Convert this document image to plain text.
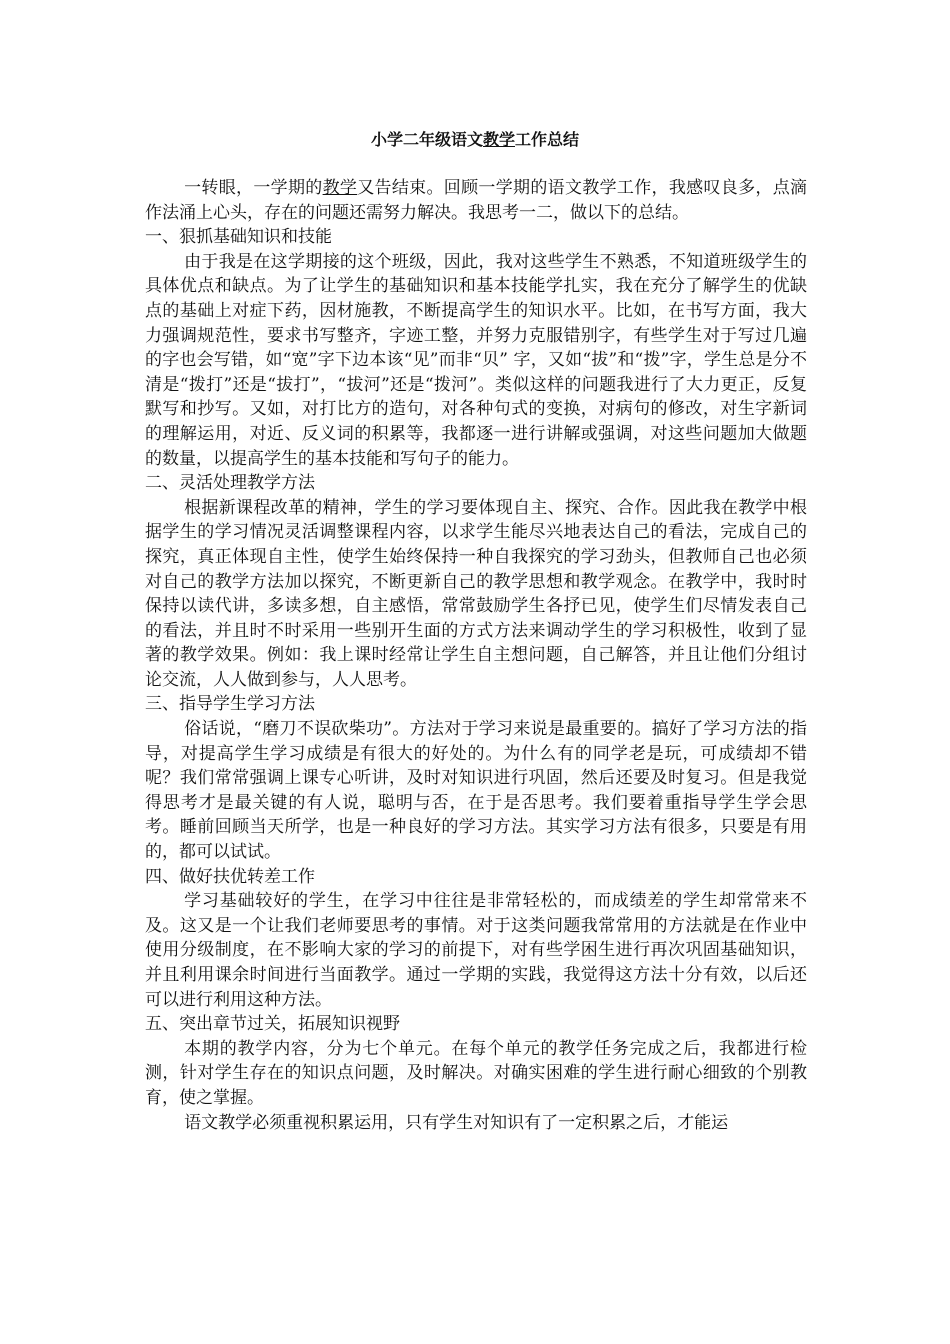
小学二年级语文教学工作总结

一转眼，一学期的教学又告结束。回顾一学期的语文教学工作，我感叹良多，点滴作法涌上心头，存在的问题还需努力解决。我思考一二，做以下的总结。

一、狠抓基础知识和技能

由于我是在这学期接的这个班级，因此，我对这些学生不熟悉，不知道班级学生的具体优点和缺点。为了让学生的基础知识和基本技能学扎实，我在充分了解学生的优缺点的基础上对症下药，因材施教，不断提高学生的知识水平。比如，在书写方面，我大力强调规范性，要求书写整齐，字迹工整，并努力克服错别字，有些学生对于写过几遍的字也会写错，如“宽”字下边本该“见”而非“贝” 字，又如“拔”和“拨”字，学生总是分不清是“拨打”还是“拔打”，“拔河”还是“拨河”。类似这样的问题我进行了大力更正，反复默写和抄写。又如，对打比方的造句，对各种句式的变换，对病句的修改，对生字新词的理解运用，对近、反义词的积累等，我都逐一进行讲解或强调，对这些问题加大做题的数量，以提高学生的基本技能和写句子的能力。

二、灵活处理教学方法

根据新课程改革的精神，学生的学习要体现自主、探究、合作。因此我在教学中根据学生的学习情况灵活调整课程内容，以求学生能尽兴地表达自己的看法，完成自己的探究，真正体现自主性，使学生始终保持一种自我探究的学习劲头，但教师自己也必须对自己的教学方法加以探究，不断更新自己的教学思想和教学观念。在教学中，我时时保持以读代讲，多读多想，自主感悟，常常鼓励学生各抒已见，使学生们尽情发表自己的看法，并且时不时采用一些别开生面的方式方法来调动学生的学习积极性，收到了显著的教学效果。例如：我上课时经常让学生自主想问题，自己解答，并且让他们分组讨论交流，人人做到参与，人人思考。

三、指导学生学习方法

俗话说，“磨刀不误砍柴功”。方法对于学习来说是最重要的。搞好了学习方法的指导，对提高学生学习成绩是有很大的好处的。为什么有的同学老是玩，可成绩却不错呢？我们常常强调上课专心听讲，及时对知识进行巩固，然后还要及时复习。但是我觉得思考才是最关键的有人说，聪明与否，在于是否思考。我们要着重指导学生学会思考。睡前回顾当天所学，也是一种良好的学习方法。其实学习方法有很多，只要是有用的，都可以试试。

四、做好扶优转差工作

学习基础较好的学生，在学习中往往是非常轻松的，而成绩差的学生却常常来不及。这又是一个让我们老师要思考的事情。对于这类问题我常常用的方法就是在作业中使用分级制度，在不影响大家的学习的前提下，对有些学困生进行再次巩固基础知识，并且利用课余时间进行当面教学。通过一学期的实践，我觉得这方法十分有效，以后还可以进行利用这种方法。

五、突出章节过关，拓展知识视野

本期的教学内容，分为七个单元。在每个单元的教学任务完成之后，我都进行检测，针对学生存在的知识点问题，及时解决。对确实困难的学生进行耐心细致的个别教育，使之掌握。

语文教学必须重视积累运用，只有学生对知识有了一定积累之后，才能运
